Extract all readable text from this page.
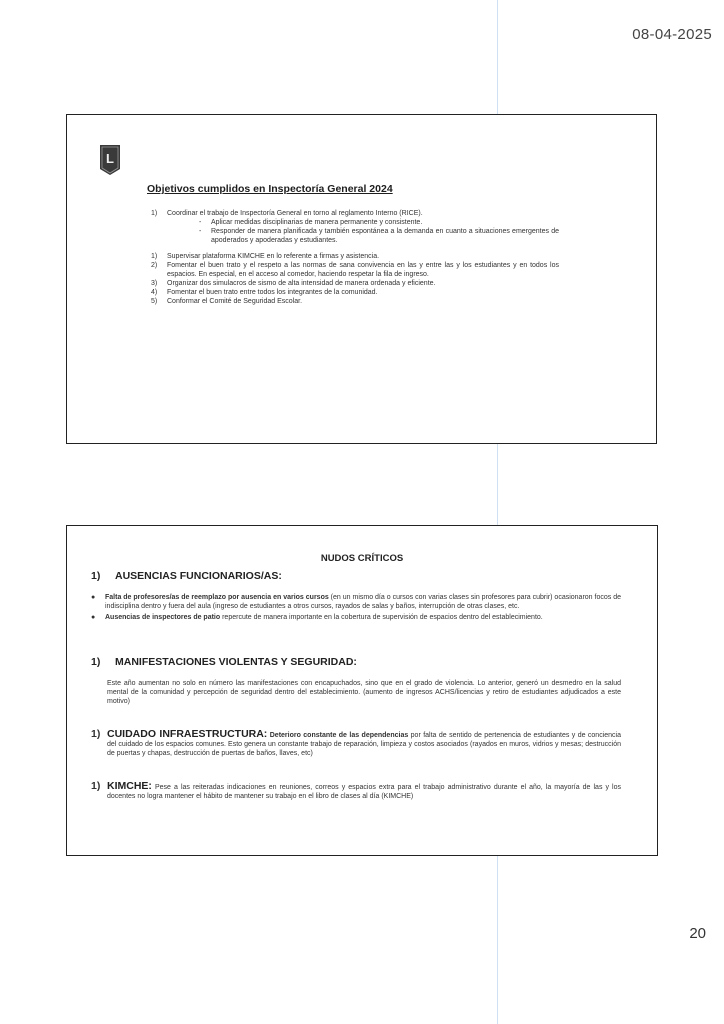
08-04-2025
L
Objetivos cumplidos en Inspectoría General 2024
1)	Coordinar el trabajo de Inspectoría General en torno al reglamento Interno (RICE).
-	Aplicar medidas disciplinarias de manera permanente y consistente.
-	Responder de manera planificada y también espontánea a la demanda en cuanto a situaciones emergentes de apoderados y apoderadas y estudiantes.
1)	Supervisar plataforma KIMCHE en lo referente a firmas y asistencia.
2)	Fomentar el buen trato y el respeto a las normas de sana convivencia en las y entre las y los estudiantes y en todos los espacios. En especial, en el acceso al comedor, haciendo respetar la fila de ingreso.
3)	Organizar dos simulacros de sismo de alta intensidad de manera ordenada y eficiente.
4)	Fomentar el buen trato entre todos los integrantes de la comunidad.
5)	Conformar el Comité de Seguridad Escolar.
NUDOS CRÍTICOS
1)	AUSENCIAS FUNCIONARIOS/AS:
●	Falta de profesores/as de reemplazo por ausencia en varios cursos (en un mismo día o cursos con varias clases sin profesores para cubrir) ocasionaron focos de indisciplina dentro y fuera del aula (ingreso de estudiantes a otros cursos, rayados de salas y baños, interrupción de otras clases, etc.
●	Ausencias de inspectores de patio repercute de manera importante en la cobertura de supervisión de espacios dentro del establecimiento.
1)	MANIFESTACIONES VIOLENTAS Y SEGURIDAD:
Este año aumentan no solo en número las manifestaciones con encapuchados, sino que en el grado de violencia. Lo anterior, generó un desmedro en la salud mental de la comunidad y percepción de seguridad dentro del establecimiento. (aumento de ingresos ACHS/licencias y retiro de estudiantes adjudicados a este motivo)
1) CUIDADO INFRAESTRUCTURA: Deterioro constante de las dependencias por falta de sentido de pertenencia de estudiantes y de conciencia del cuidado de los espacios comunes. Esto genera un constante trabajo de reparación, limpieza y costos asociados (rayados en muros, vidrios y mesas; destrucción de puertas y chapas, destrucción de puertas de baños, llaves, etc)
1) KIMCHE: Pese a las reiteradas indicaciones en reuniones, correos y espacios extra para el trabajo administrativo durante el año, la mayoría de las y los docentes no logra mantener el hábito de mantener su trabajo en el libro de clases al día (KIMCHE)
20
